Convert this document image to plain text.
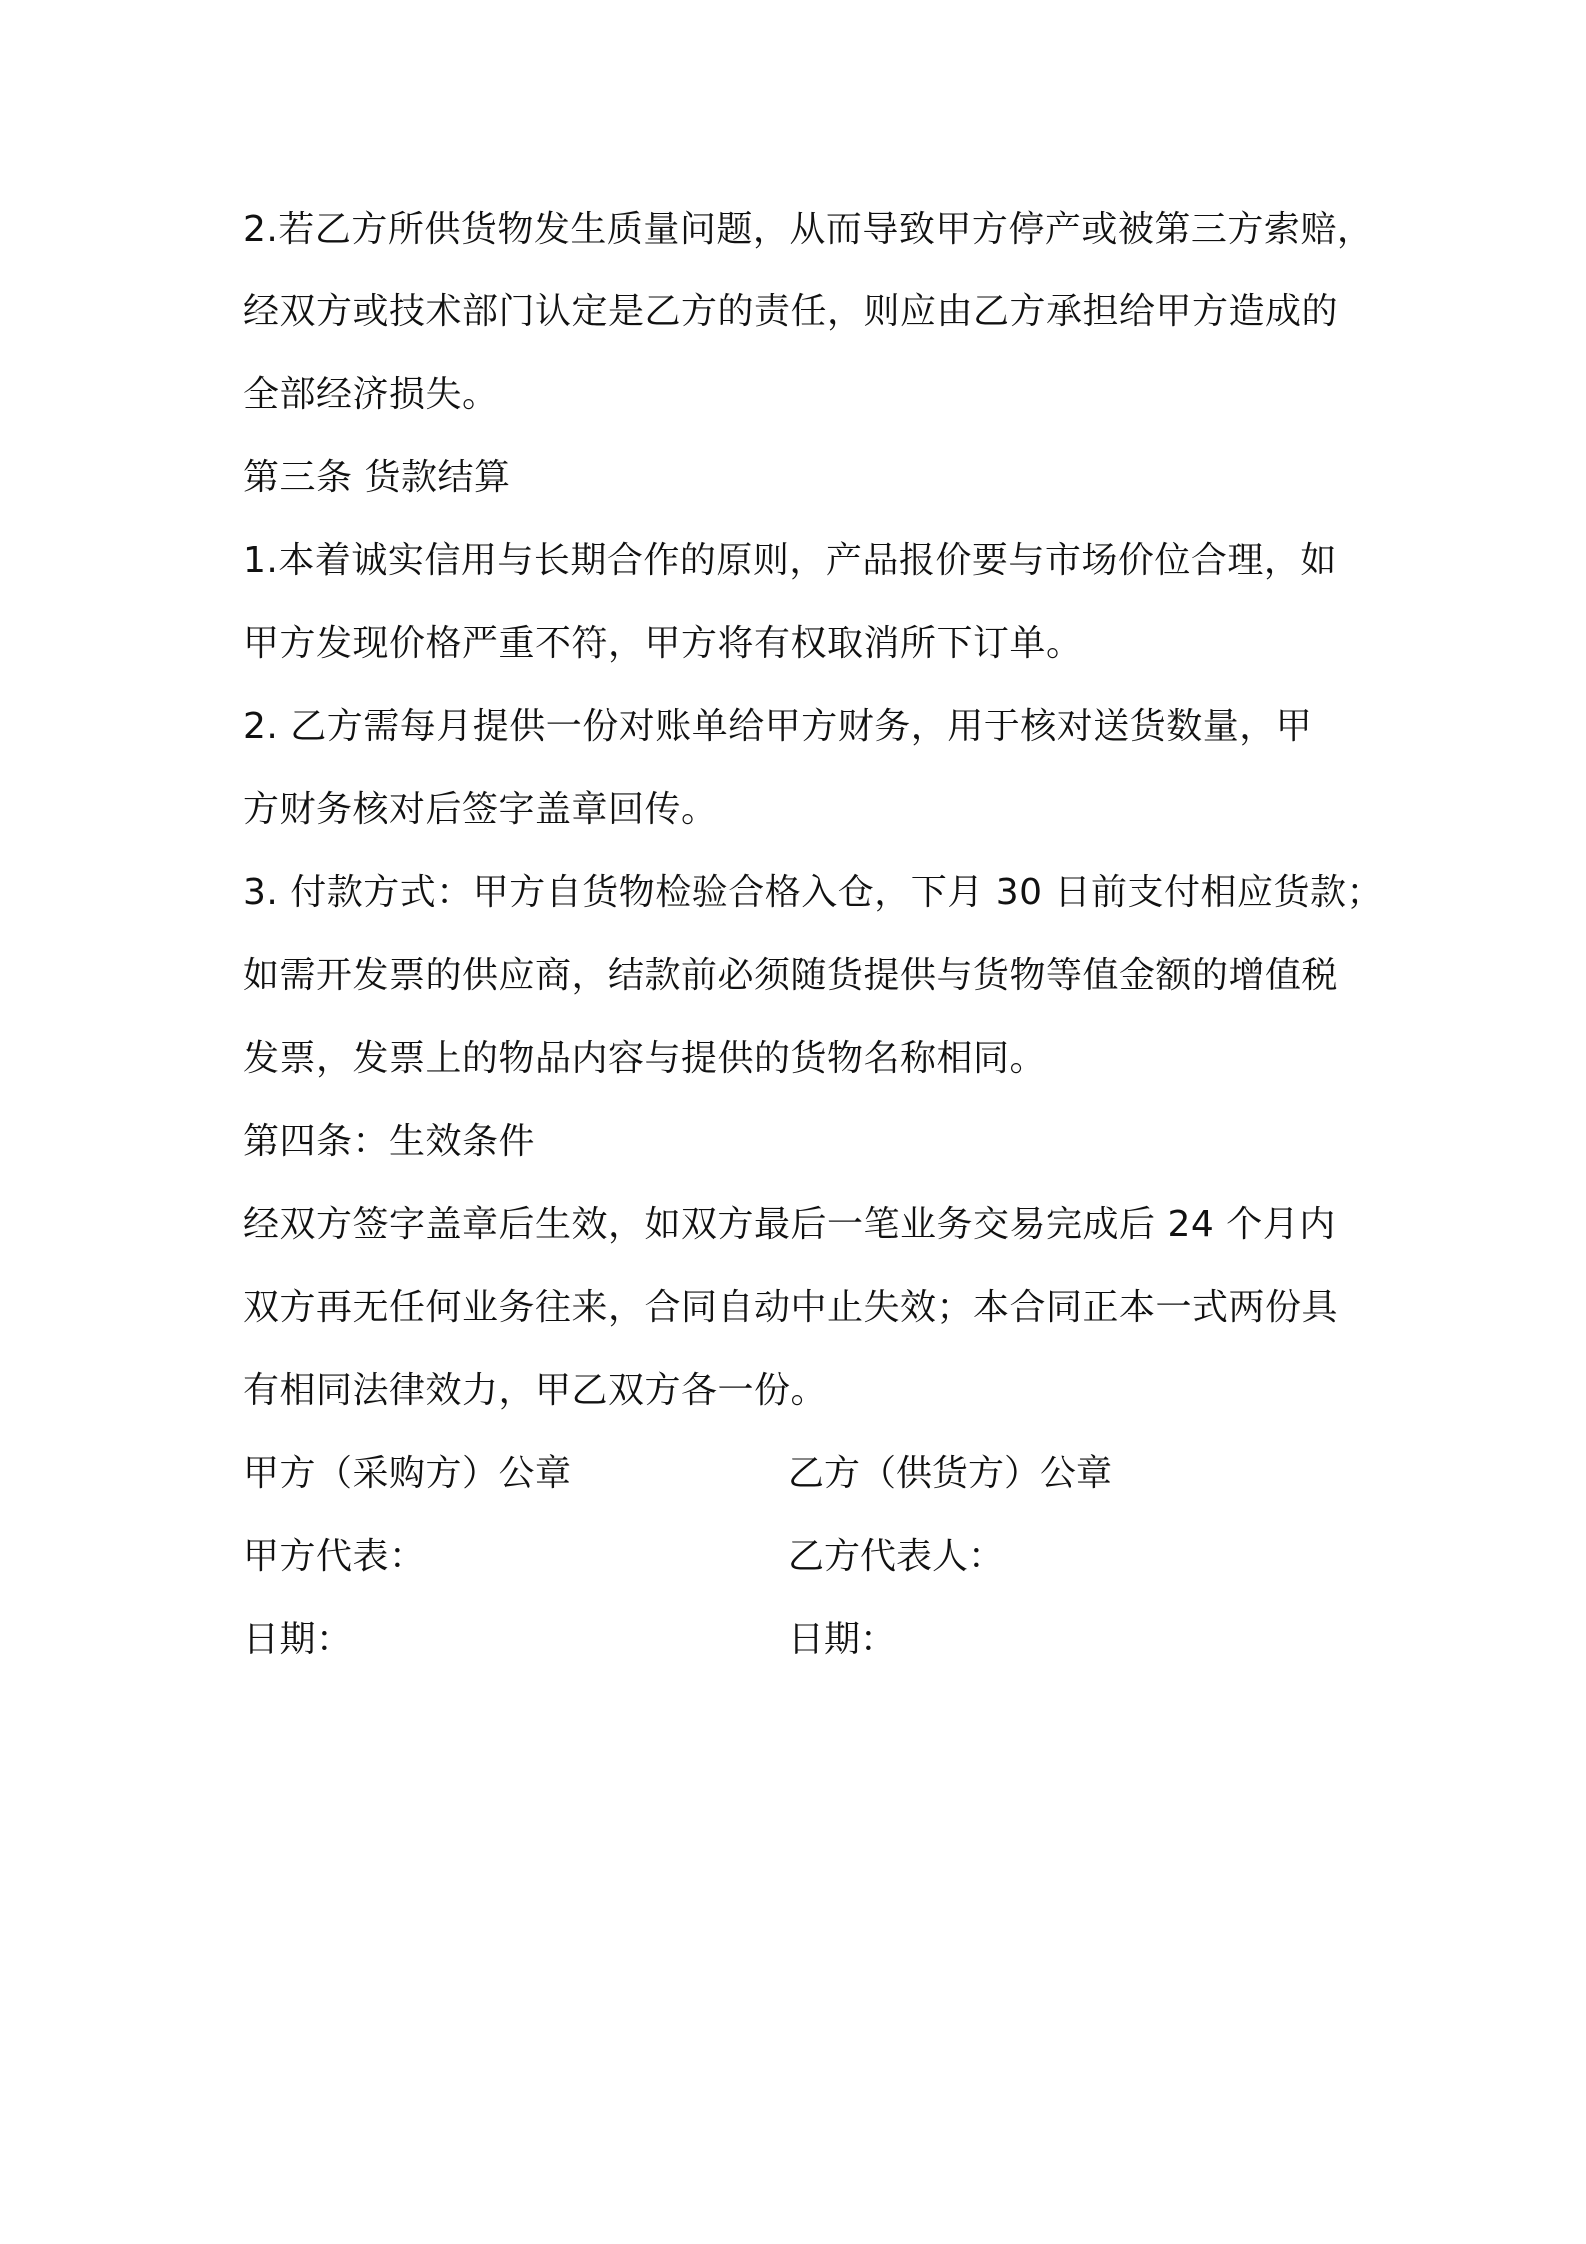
2.若乙方所供货物发生质量问题，从而导致甲方停产或被第三方索赔，
经双方或技术部门认定是乙方的责任，则应由乙方承担给甲方造成的
全部经济损失。
第三条 货款结算
1.本着诚实信用与长期合作的原则，产品报价要与市场价位合理，如
甲方发现价格严重不符，甲方将有权取消所下订单。
2. 乙方需每月提供一份对账单给甲方财务，用于核对送货数量，甲
方财务核对后签字盖章回传。
3. 付款方式：甲方自货物检验合格入仓，下月 30 日前支付相应货款；
如需开发票的供应商，结款前必须随货提供与货物等值金额的增值税
发票，发票上的物品内容与提供的货物名称相同。
第四条：生效条件
经双方签字盖章后生效，如双方最后一笔业务交易完成后 24 个月内
双方再无任何业务往来，合同自动中止失效；本合同正本一式两份具
有相同法律效力，甲乙双方各一份。
甲方（采购方）公章	乙方（供货方）公章
甲方代表：	乙方代表人：
日期：	日期：
